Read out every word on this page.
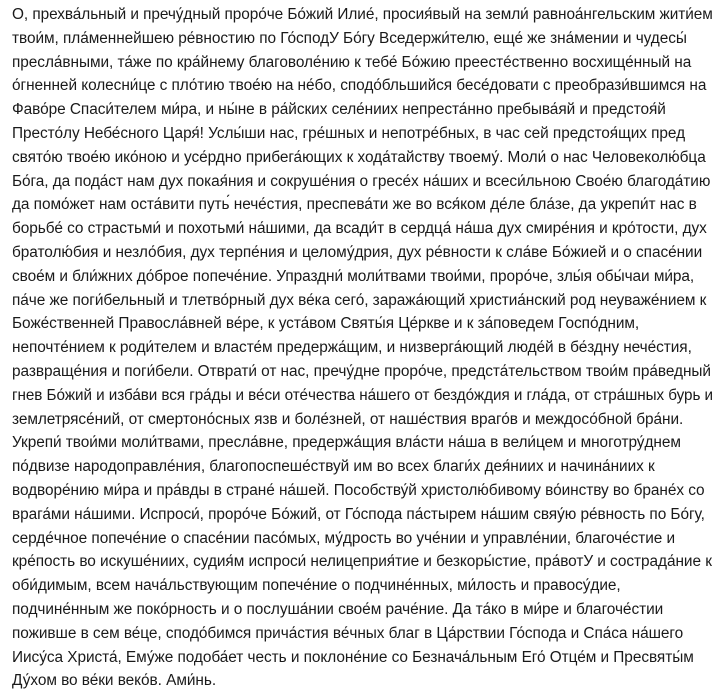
О, прехва́льный и пречу́дный проро́че Бо́жий Илие́, просия́вый на земли́ равноа́нгельским жити́ем
твои́м, пла́меннейшею ре́вностию по Го́сподУ Бо́гу Вседержи́телю, еще́ же зна́мении и чудесы́
пресла́вными, та́же по кра́йнему благоволе́нию к тебе́ Бо́жию преестéственно восхище́нный на
о́гненней колесни́це с пло́тию твое́ю на не́бо, сподо́бльшийся бесе́довати с преобрази́вшимся на
Фаво́ре Спаси́телем ми́ра, и ны́не в ра́йских селе́ниих непреста́нно пребыва́яй и предстоя́й
Престо́лу Небе́сного Царя́! Услы́ши нас, гре́шных и непотре́бных, в час сей предстоя́щих пред
свято́ю твое́ю ико́ною и усе́рдно прибега́ющих к хода́тайству твоему́. Моли́ о нас Человеколю́бца
Бо́га, да пода́ст нам дух покая́ния и сокруше́ния о гресе́х на́ших и всеси́льною Свое́ю благода́тию
да помо́жет нам оста́вити путь́ нече́стия, преспева́ти же во вся́ком де́ле бла́зе, да укрепи́т нас в
борьбе́ со страстьми́ и похотьми́ на́шими, да всади́т в сердца́ на́ша дух смире́ния и кро́тости, дух
братолю́бия и незло́бия, дух терпе́ния и целому́дрия, дух ре́вности к сла́ве Бо́жией и о спасе́нии
свое́м и бли́жних до́брое попече́ние. Упраздни́ моли́твами твои́ми, проро́че, злы́я обы́чаи ми́ра,
па́че же поги́бельный и тлетво́рный дух ве́ка сего́, заража́ющий христиа́нский род неуваже́нием к
Боже́ственней Правосла́вней ве́ре, к уста́вом Святы́я Це́ркве и к за́поведем Госпо́дним,
непочте́нием к роди́телем и власте́м предержа́щим, и низверга́ющий люде́й в бе́здну нече́стия,
развраще́ния и поги́бели. Отврати́ от нас, пречу́дне проро́че, предста́тельством твои́м пра́ведный
гнев Бо́жий и изба́ви вся гра́ды и ве́си оте́чества на́шего от бездо́ждия и гла́да, от стра́шных бурь и
землетрясе́ний, от смертоно́сных язв и боле́зней, от наше́ствия враго́в и междосо́бной бра́ни.
Укрепи́ твои́ми моли́твами, пресла́вне, предержа́щия вла́сти на́ша в вели́цем и многотру́днем
по́двизе народоправле́ния, благопоспеше́ствуй им во всех благи́х дея́ниих и начина́ниих к
водворе́нию ми́ра и пра́вды в стране́ на́шей. Пособству́й христолю́бивому во́инству во бране́х со
врага́ми на́шими. Испроси́, проро́че Бо́жий, от Го́спода па́стырем на́шим свяу́ю ре́вность по Бо́гу,
серде́чное попече́ние о спасе́нии пасо́мых, му́дрость во уче́нии и управле́нии, благоче́стие и
кре́пость во искуше́ниих, судия́м испроси́ нелицеприя́тие и безкоры́стие, пра́вотУ и сострада́ние к
оби́димым, всем нача́льствующим попече́ние о подчине́нных, ми́лость и правосу́дие,
подчине́нным же поко́рность и о послуша́нии свое́м раче́ние. Да та́ко в ми́ре и благоче́стии
поживше в сем ве́це, сподо́бимся прича́стия ве́чных благ в Ца́рствии Го́спода и Спа́са на́шего
Иису́са Христа́, Ему́же подоба́ет честь и поклоне́ние со Безнача́льным Его́ Отце́м и Пресвяты́м
Ду́хом во ве́ки веко́в. Ами́нь.
